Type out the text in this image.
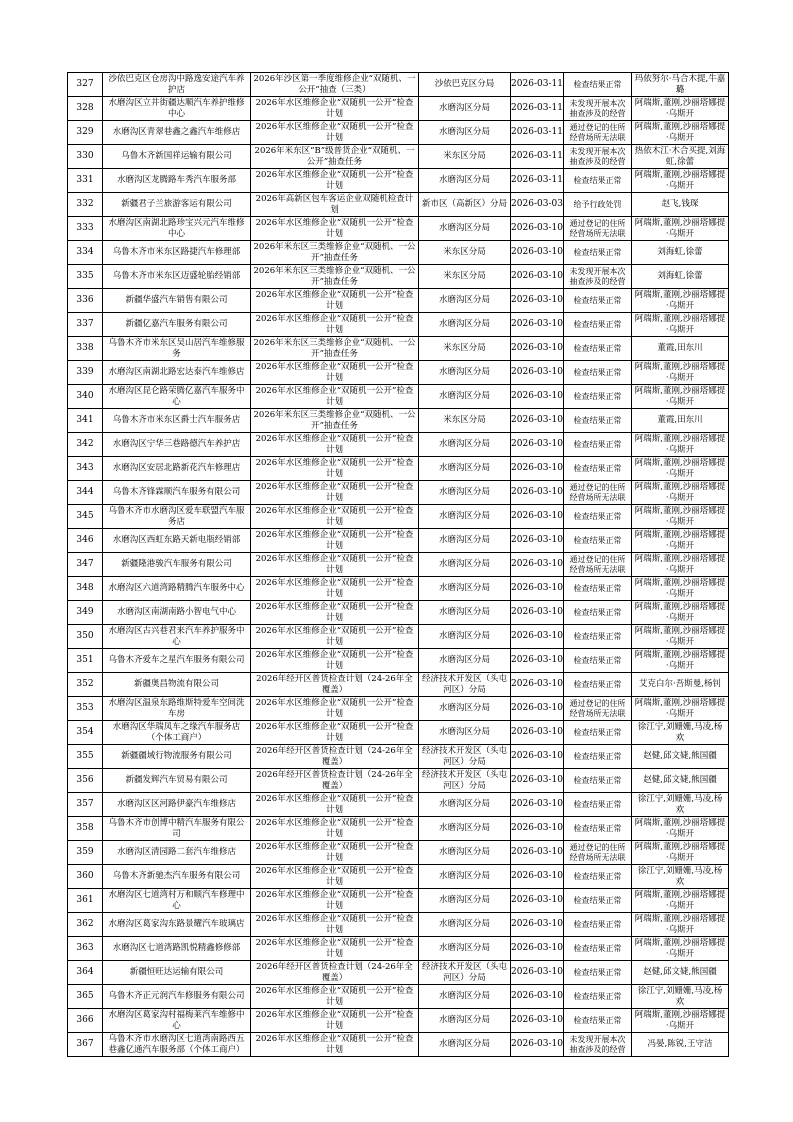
327	沙依巴克区仓房沟中路逸安途汽车养护店	2026年沙区第一季度维修企业“双随机、一公开”抽查（三类）	沙依巴克区分局	2026-03-11	检查结果正常	玛依努尔·马合木提,牛嘉璐
328	水磨沟区立井街疆达顺汽车养护维修中心	2026年水区维修企业“双随机一公开”检查计划	水磨沟区分局	2026-03-11	未发现开展本次抽查涉及的经营	阿瑞斯,董刚,沙丽塔娜提·乌斯开
329	水磨沟区青翠巷鑫之鑫汽车维修店	2026年水区维修企业“双随机一公开”检查计划	水磨沟区分局	2026-03-11	通过登记的住所经营场所无法联	阿瑞斯,董刚,沙丽塔娜提·乌斯开
330	乌鲁木齐新国祥运输有限公司	2026年米东区“B”级普货企业“双随机、一公开”抽查任务	米东区分局	2026-03-11	未发现开展本次抽查涉及的经营	热依木江·木合买提,刘海虹,徐蕾
331	水磨沟区龙腾路车秀汽车服务部	2026年水区维修企业“双随机一公开”检查计划	水磨沟区分局	2026-03-11	检查结果正常	阿瑞斯,董刚,沙丽塔娜提·乌斯开
332	新疆君子兰旅游客运有限公司	2026年高新区包车客运企业双随机检查计划	新市区（高新区）分局	2026-03-03	给予行政处罚	赵飞,钱琛
333	水磨沟区南湖北路珍宝兴元汽车维修中心	2026年水区维修企业“双随机一公开”检查计划	水磨沟区分局	2026-03-10	通过登记的住所经营场所无法联	阿瑞斯,董刚,沙丽塔娜提·乌斯开
334	乌鲁木齐市米东区路捷汽车修理部	2026年米东区三类维修企业“双随机、一公开”抽查任务	米东区分局	2026-03-10	检查结果正常	刘海虹,徐蕾
335	乌鲁木齐市米东区迈盛轮胎经销部	2026年米东区三类维修企业“双随机、一公开”抽查任务	米东区分局	2026-03-10	未发现开展本次抽查涉及的经营	刘海虹,徐蕾
336	新疆华盛汽车销售有限公司	2026年水区维修企业“双随机一公开”检查计划	水磨沟区分局	2026-03-10	检查结果正常	阿瑞斯,董刚,沙丽塔娜提·乌斯开
337	新疆亿嘉汽车服务有限公司	2026年水区维修企业“双随机一公开”检查计划	水磨沟区分局	2026-03-10	检查结果正常	阿瑞斯,董刚,沙丽塔娜提·乌斯开
338	乌鲁木齐市米东区吴山居汽车维修服务	2026年米东区三类维修企业“双随机、一公开”抽查任务	米东区分局	2026-03-10	检查结果正常	董霞,田东川
339	水磨沟区南湖北路宏达泰汽车维修店	2026年水区维修企业“双随机一公开”检查计划	水磨沟区分局	2026-03-10	检查结果正常	阿瑞斯,董刚,沙丽塔娜提·乌斯开
340	水磨沟区昆仑路荣腾亿嘉汽车服务中心	2026年水区维修企业“双随机一公开”检查计划	水磨沟区分局	2026-03-10	检查结果正常	阿瑞斯,董刚,沙丽塔娜提·乌斯开
341	乌鲁木齐市米东区爵士汽车服务店	2026年米东区三类维修企业“双随机、一公开”抽查任务	米东区分局	2026-03-10	检查结果正常	董霞,田东川
342	水磨沟区宁华三巷路德汽车养护店	2026年水区维修企业“双随机一公开”检查计划	水磨沟区分局	2026-03-10	检查结果正常	阿瑞斯,董刚,沙丽塔娜提·乌斯开
343	水磨沟区安居北路新花汽车修理店	2026年水区维修企业“双随机一公开”检查计划	水磨沟区分局	2026-03-10	检查结果正常	阿瑞斯,董刚,沙丽塔娜提·乌斯开
344	乌鲁木齐锋霖顺汽车服务有限公司	2026年水区维修企业“双随机一公开”检查计划	水磨沟区分局	2026-03-10	通过登记的住所经营场所无法联	阿瑞斯,董刚,沙丽塔娜提·乌斯开
345	乌鲁木齐市水磨沟区爱车联盟汽车服务店	2026年水区维修企业“双随机一公开”检查计划	水磨沟区分局	2026-03-10	检查结果正常	阿瑞斯,董刚,沙丽塔娜提·乌斯开
346	水磨沟区西虹东路天新电瓶经销部	2026年水区维修企业“双随机一公开”检查计划	水磨沟区分局	2026-03-10	检查结果正常	阿瑞斯,董刚,沙丽塔娜提·乌斯开
347	新疆隆港骏汽车服务有限公司	2026年水区维修企业“双随机一公开”检查计划	水磨沟区分局	2026-03-10	通过登记的住所经营场所无法联	阿瑞斯,董刚,沙丽塔娜提·乌斯开
348	水磨沟区六道湾路精腾汽车服务中心	2026年水区维修企业“双随机一公开”检查计划	水磨沟区分局	2026-03-10	检查结果正常	阿瑞斯,董刚,沙丽塔娜提·乌斯开
349	水磨沟区南湖南路小智电气中心	2026年水区维修企业“双随机一公开”检查计划	水磨沟区分局	2026-03-10	检查结果正常	阿瑞斯,董刚,沙丽塔娜提·乌斯开
350	水磨沟区古兴巷君来汽车养护服务中心	2026年水区维修企业“双随机一公开”检查计划	水磨沟区分局	2026-03-10	检查结果正常	阿瑞斯,董刚,沙丽塔娜提·乌斯开
351	乌鲁木齐爱车之星汽车服务有限公司	2026年水区维修企业“双随机一公开”检查计划	水磨沟区分局	2026-03-10	检查结果正常	阿瑞斯,董刚,沙丽塔娜提·乌斯开
352	新疆奥昌物流有限公司	2026年经开区普货检查计划（24-26年全覆盖）	经济技术开发区（头屯河区）分局	2026-03-10	检查结果正常	艾克白尔·吾斯曼,杨钊
353	水磨沟区温泉东路维斯特爱车空间洗车房	2026年水区维修企业“双随机一公开”检查计划	水磨沟区分局	2026-03-10	通过登记的住所经营场所无法联	阿瑞斯,董刚,沙丽塔娜提·乌斯开
354	水磨沟区华瑞凤车之缘汽车服务店（个体工商户）	2026年水区维修企业“双随机一公开”检查计划	水磨沟区分局	2026-03-10	检查结果正常	徐江宁,刘姗姗,马凌,杨欢
355	新疆疆域行物流服务有限公司	2026年经开区普货检查计划（24-26年全覆盖）	经济技术开发区（头屯河区）分局	2026-03-10	检查结果正常	赵健,邱文婕,熊国疆
356	新疆发辉汽车贸易有限公司	2026年经开区普货检查计划（24-26年全覆盖）	经济技术开发区（头屯河区）分局	2026-03-10	检查结果正常	赵健,邱文婕,熊国疆
357	水磨沟区区河路伊豪汽车维修店	2026年水区维修企业“双随机一公开”检查计划	水磨沟区分局	2026-03-10	检查结果正常	徐江宁,刘姗姗,马凌,杨欢
358	乌鲁木齐市创博中精汽车服务有限公司	2026年水区维修企业“双随机一公开”检查计划	水磨沟区分局	2026-03-10	检查结果正常	阿瑞斯,董刚,沙丽塔娜提·乌斯开
359	水磨沟区清园路二套汽车维修店	2026年水区维修企业“双随机一公开”检查计划	水磨沟区分局	2026-03-10	通过登记的住所经营场所无法联	阿瑞斯,董刚,沙丽塔娜提·乌斯开
360	乌鲁木齐新驰杰汽车服务有限公司	2026年水区维修企业“双随机一公开”检查计划	水磨沟区分局	2026-03-10	检查结果正常	徐江宁,刘姗姗,马凌,杨欢
361	水磨沟区七道湾村万和顺汽车修理中心	2026年水区维修企业“双随机一公开”检查计划	水磨沟区分局	2026-03-10	检查结果正常	阿瑞斯,董刚,沙丽塔娜提·乌斯开
362	水磨沟区葛家沟东路景耀汽车玻璃店	2026年水区维修企业“双随机一公开”检查计划	水磨沟区分局	2026-03-10	检查结果正常	阿瑞斯,董刚,沙丽塔娜提·乌斯开
363	水磨沟区七道湾路凯悦精鑫修修部	2026年水区维修企业“双随机一公开”检查计划	水磨沟区分局	2026-03-10	检查结果正常	阿瑞斯,董刚,沙丽塔娜提·乌斯开
364	新疆恒旺达运输有限公司	2026年经开区普货检查计划（24-26年全覆盖）	经济技术开发区（头屯河区）分局	2026-03-10	检查结果正常	赵健,邱文婕,熊国疆
365	乌鲁木齐正元润汽车修服务有限公司	2026年水区维修企业“双随机一公开”检查计划	水磨沟区分局	2026-03-10	检查结果正常	徐江宁,刘姗姗,马凌,杨欢
366	水磨沟区葛家沟村福梅莱汽车维修中心	2026年水区维修企业“双随机一公开”检查计划	水磨沟区分局	2026-03-10	检查结果正常	阿瑞斯,董刚,沙丽塔娜提·乌斯开
367	乌鲁木齐市水磨沟区七道湾南路西五巷鑫亿通汽车服务部（个体工商户）	2026年水区维修企业“双随机一公开”检查计划	水磨沟区分局	2026-03-10	未发现开展本次抽查涉及的经营	冯晏,陈锐,王守洁
